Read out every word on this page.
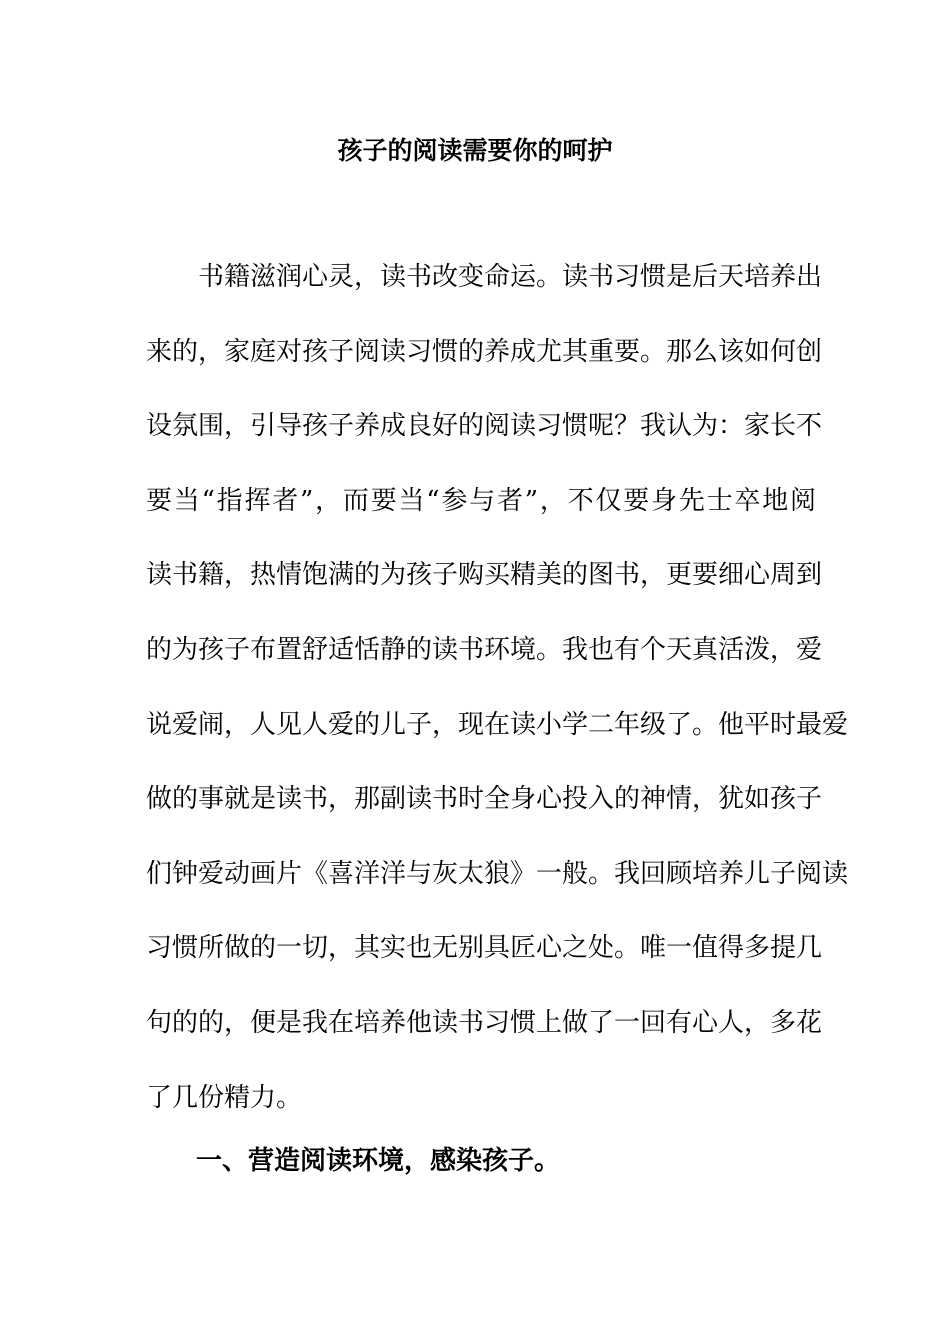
孩子的阅读需要你的呵护
书籍滋润心灵，读书改变命运。读书习惯是后天培养出
来的，家庭对孩子阅读习惯的养成尤其重要。那么该如何创
设氛围，引导孩子养成良好的阅读习惯呢？我认为：家长不
要当“指挥者”，而要当“参与者”，不仅要身先士卒地阅
读书籍，热情饱满的为孩子购买精美的图书，更要细心周到
的为孩子布置舒适恬静的读书环境。我也有个天真活泼，爱
说爱闹，人见人爱的儿子，现在读小学二年级了。他平时最爱
做的事就是读书，那副读书时全身心投入的神情，犹如孩子
们钟爱动画片《喜洋洋与灰太狼》一般。我回顾培养儿子阅读
习惯所做的一切，其实也无别具匠心之处。唯一值得多提几
句的的，便是我在培养他读书习惯上做了一回有心人，多花
了几份精力。
一、营造阅读环境，感染孩子。
